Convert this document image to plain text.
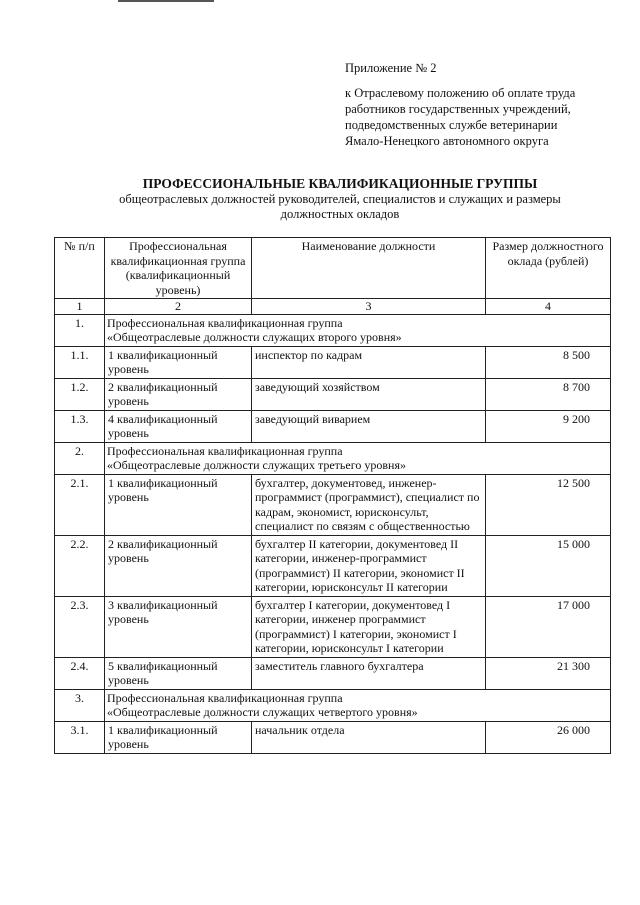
Приложение № 2
к Отраслевому положению об оплате труда
работников государственных учреждений,
подведомственных службе ветеринарии
Ямало-Ненецкого автономного округа
ПРОФЕССИОНАЛЬНЫЕ КВАЛИФИКАЦИОННЫЕ ГРУППЫ
общеотраслевых должностей руководителей, специалистов и служащих и размеры
должностных окладов
№ п/п	Профессиональная квалификационная группа (квалификационный уровень)	Наименование должности	Размер должностного оклада (рублей)
1	2	3	4
1.	Профессиональная квалификационная группа
«Общеотраслевые должности служащих второго уровня»		

1.1.	1 квалификационный уровень	инспектор по кадрам	8 500
1.2.	2 квалификационный уровень	заведующий хозяйством	8 700
1.3.	4 квалификационный уровень	заведующий виварием	9 200
2.	Профессиональная квалификационная группа
«Общеотраслевые должности служащих третьего уровня»		

2.1.	1 квалификационный уровень	бухгалтер, документовед, инженер-программист (программист), специалист по кадрам, экономист, юрисконсульт, специалист по связям с общественностью	12 500
2.2.	2 квалификационный уровень	бухгалтер II категории, документовед II категории, инженер-программист (программист) II категории, экономист II категории, юрисконсульт II категории	15 000
2.3.	3 квалификационный уровень	бухгалтер I категории, документовед I категории, инженер программист (программист) I категории, экономист I категории, юрисконсульт I категории	17 000
2.4.	5 квалификационный уровень	заместитель главного бухгалтера	21 300
3.	Профессиональная квалификационная группа
«Общеотраслевые должности служащих четвертого уровня»		

3.1.	1 квалификационный уровень	начальник отдела	26 000
